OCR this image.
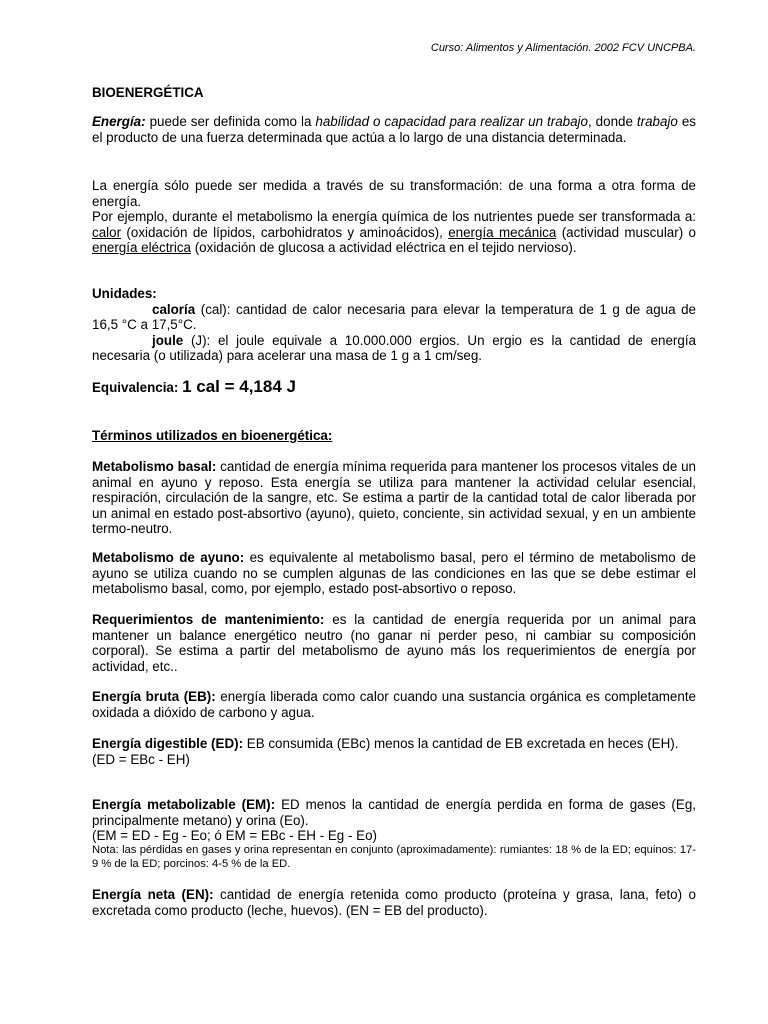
Curso: Alimentos y Alimentación. 2002 FCV UNCPBA.
BIOENERGÉTICA

Energía: puede ser definida como la habilidad o capacidad para realizar un trabajo, donde trabajo es el producto de una fuerza determinada que actúa a lo largo de una distancia determinada.

La energía sólo puede ser medida a través de su transformación: de una forma a otra forma de energía.
Por ejemplo, durante el metabolismo la energía química de los nutrientes puede ser transformada a: calor (oxidación de lípidos, carbohidratos y aminoácidos), energía mecánica (actividad muscular) o energía eléctrica (oxidación de glucosa a actividad eléctrica en el tejido nervioso).

Unidades:
caloría (cal): cantidad de calor necesaria para elevar la temperatura de 1 g de agua de 16,5 °C a 17,5°C.
joule (J): el joule equivale a 10.000.000 ergios. Un ergio es la cantidad de energía necesaria (o utilizada) para acelerar una masa de 1 g a 1 cm/seg.

Equivalencia: 1 cal = 4,184 J

Términos utilizados en bioenergética:

Metabolismo basal: cantidad de energía mínima requerida para mantener los procesos vitales de un animal en ayuno y reposo. Esta energía se utiliza para mantener la actividad celular esencial, respiración, circulación de la sangre, etc. Se estima a partir de la cantidad total de calor liberada por un animal en estado post-absortivo (ayuno), quieto, conciente, sin actividad sexual, y en un ambiente termo-neutro.

Metabolismo de ayuno: es equivalente al metabolismo basal, pero el término de metabolismo de ayuno se utiliza cuando no se cumplen algunas de las condiciones en las que se debe estimar el metabolismo basal, como, por ejemplo, estado post-absortivo o reposo.

Requerimientos de mantenimiento: es la cantidad de energía requerida por un animal para mantener un balance energético neutro (no ganar ni perder peso, ni cambiar su composición corporal). Se estima a partir del metabolismo de ayuno más los requerimientos de energía por actividad, etc..

Energía bruta (EB): energía liberada como calor cuando una sustancia orgánica es completamente oxidada a dióxido de carbono y agua.

Energía digestible (ED): EB consumida (EBc) menos la cantidad de EB excretada en heces (EH).
(ED = EBc - EH)

Energía metabolizable (EM): ED menos la cantidad de energía perdida en forma de gases (Eg, principalmente metano) y orina (Eo).
(EM = ED - Eg - Eo; ó EM = EBc - EH - Eg - Eo)

Nota: las pérdidas en gases y orina representan en conjunto (aproximadamente): rumiantes: 18 % de la ED; equinos: 17-9 % de la ED; porcinos: 4-5 % de la ED.

Energía neta (EN): cantidad de energía retenida como producto (proteína y grasa, lana, feto) o excretada como producto (leche, huevos). (EN = EB del producto).
